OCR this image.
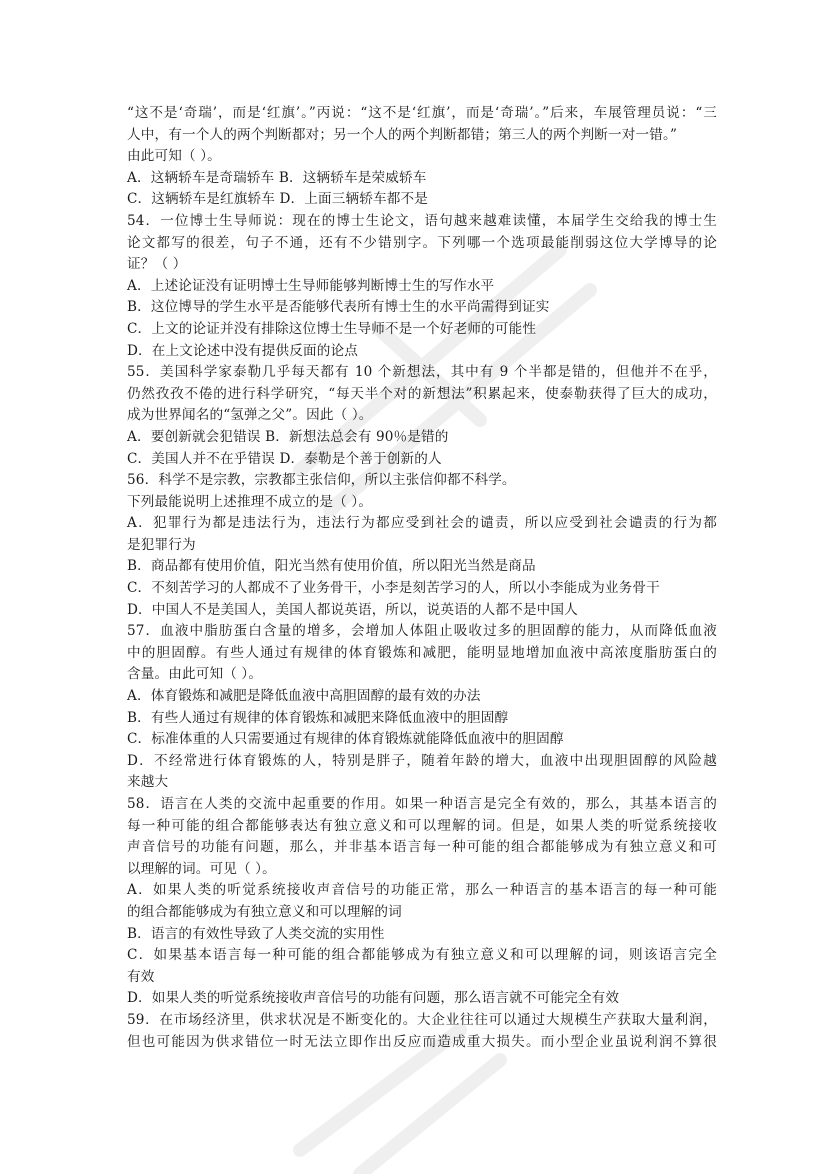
“这不是‘奇瑞’，而是‘红旗’。”丙说：“这不是‘红旗’，而是‘奇瑞’。”后来，车展管理员说：“三
人中，有一个人的两个判断都对；另一个人的两个判断都错；第三人的两个判断一对一错。”
由此可知（ ）。
A．这辆轿车是奇瑞轿车 B．这辆轿车是荣威轿车
C．这辆轿车是红旗轿车 D．上面三辆轿车都不是
54．一位博士生导师说：现在的博士生论文，语句越来越难读懂，本届学生交给我的博士生
论文都写的很差，句子不通，还有不少错别字。下列哪一个选项最能削弱这位大学博导的论
证？（ ）
A．上述论证没有证明博士生导师能够判断博士生的写作水平
B．这位博导的学生水平是否能够代表所有博士生的水平尚需得到证实
C．上文的论证并没有排除这位博士生导师不是一个好老师的可能性
D．在上文论述中没有提供反面的论点
55．美国科学家泰勒几乎每天都有 10 个新想法，其中有 9 个半都是错的，但他并不在乎，
仍然孜孜不倦的进行科学研究，“每天半个对的新想法”积累起来，使泰勒获得了巨大的成功，
成为世界闻名的“氢弹之父”。因此（ ）。
A．要创新就会犯错误 B．新想法总会有 90％是错的
C．美国人并不在乎错误 D．泰勒是个善于创新的人
56．科学不是宗教，宗教都主张信仰，所以主张信仰都不科学。
下列最能说明上述推理不成立的是（ ）。
A．犯罪行为都是违法行为，违法行为都应受到社会的谴责，所以应受到社会谴责的行为都
是犯罪行为
B．商品都有使用价值，阳光当然有使用价值，所以阳光当然是商品
C．不刻苦学习的人都成不了业务骨干，小李是刻苦学习的人，所以小李能成为业务骨干
D．中国人不是美国人，美国人都说英语，所以，说英语的人都不是中国人
57．血液中脂肪蛋白含量的增多，会增加人体阻止吸收过多的胆固醇的能力，从而降低血液
中的胆固醇。有些人通过有规律的体育锻炼和减肥，能明显地增加血液中高浓度脂肪蛋白的
含量。由此可知（ ）。
A．体育锻炼和减肥是降低血液中高胆固醇的最有效的办法
B．有些人通过有规律的体育锻炼和减肥来降低血液中的胆固醇
C．标准体重的人只需要通过有规律的体育锻炼就能降低血液中的胆固醇
D．不经常进行体育锻炼的人，特别是胖子，随着年龄的增大，血液中出现胆固醇的风险越
来越大
58．语言在人类的交流中起重要的作用。如果一种语言是完全有效的，那么，其基本语言的
每一种可能的组合都能够表达有独立意义和可以理解的词。但是，如果人类的听觉系统接收
声音信号的功能有问题，那么，并非基本语言每一种可能的组合都能够成为有独立意义和可
以理解的词。可见（ ）。
A．如果人类的听觉系统接收声音信号的功能正常，那么一种语言的基本语言的每一种可能
的组合都能够成为有独立意义和可以理解的词
B．语言的有效性导致了人类交流的实用性
C．如果基本语言每一种可能的组合都能够成为有独立意义和可以理解的词，则该语言完全
有效
D．如果人类的听觉系统接收声音信号的功能有问题，那么语言就不可能完全有效
59．在市场经济里，供求状况是不断变化的。大企业往往可以通过大规模生产获取大量利润，
但也可能因为供求错位一时无法立即作出反应而造成重大损失。而小型企业虽说利润不算很
